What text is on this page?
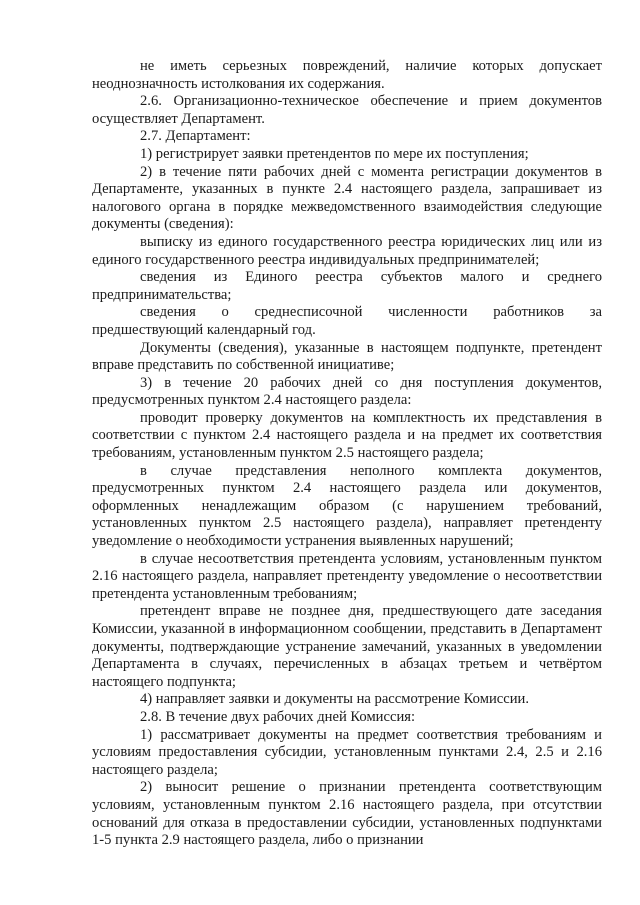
не иметь серьезных повреждений, наличие которых допускает неоднозначность истолкования их содержания.

2.6. Организационно-техническое обеспечение и прием документов осуществляет Департамент.

2.7. Департамент:

1) регистрирует заявки претендентов по мере их поступления;

2) в течение пяти рабочих дней с момента регистрации документов в Департаменте, указанных в пункте 2.4 настоящего раздела, запрашивает из налогового органа в порядке межведомственного взаимодействия следующие документы (сведения):

выписку из единого государственного реестра юридических лиц или из единого государственного реестра индивидуальных предпринимателей;

сведения из Единого реестра субъектов малого и среднего предпринимательства;

сведения о среднесписочной численности работников за предшествующий календарный год.

Документы (сведения), указанные в настоящем подпункте, претендент вправе представить по собственной инициативе;

3) в течение 20 рабочих дней со дня поступления документов, предусмотренных пунктом 2.4 настоящего раздела:

проводит проверку документов на комплектность их представления в соответствии с пунктом 2.4 настоящего раздела и на предмет их соответствия требованиям, установленным пунктом 2.5 настоящего раздела;

в случае представления неполного комплекта документов, предусмотренных пунктом 2.4 настоящего раздела или документов, оформленных ненадлежащим образом (с нарушением требований, установленных пунктом 2.5 настоящего раздела), направляет претенденту уведомление о необходимости устранения выявленных нарушений;

в случае несоответствия претендента условиям, установленным пунктом 2.16 настоящего раздела, направляет претенденту уведомление о несоответствии претендента установленным требованиям;

претендент вправе не позднее дня, предшествующего дате заседания Комиссии, указанной в информационном сообщении, представить в Департамент документы, подтверждающие устранение замечаний, указанных в уведомлении Департамента в случаях, перечисленных в абзацах третьем и четвёртом настоящего подпункта;

4) направляет заявки и документы на рассмотрение Комиссии.

2.8. В течение двух рабочих дней Комиссия:

1) рассматривает документы на предмет соответствия требованиям и условиям предоставления субсидии, установленным пунктами 2.4, 2.5 и 2.16 настоящего раздела;

2) выносит решение о признании претендента соответствующим условиям, установленным пунктом 2.16 настоящего раздела, при отсутствии оснований для отказа в предоставлении субсидии, установленных подпунктами 1-5 пункта 2.9 настоящего раздела, либо о признании
